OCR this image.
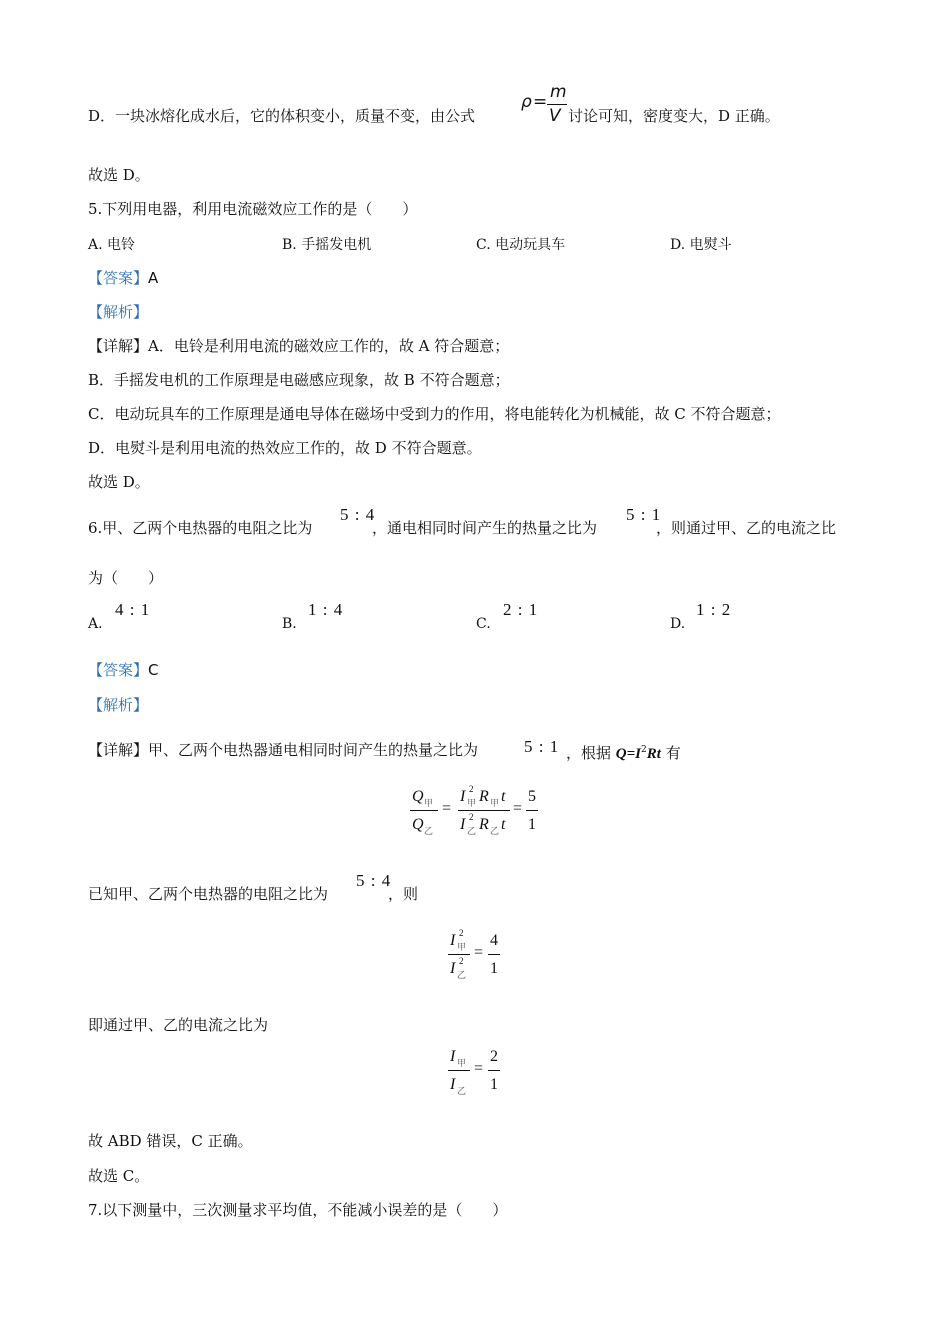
D．一块冰熔化成水后，它的体积变小，质量不变，由公式
ρ = m
V 讨论可知，密度变大，D 正确。
故选 D。
5.下列用电器，利用电流磁效应工作的是（　　）
A. 电铃	B. 手摇发电机	C. 电动玩具车	D. 电熨斗
【答案】A
【解析】
【详解】A．电铃是利用电流的磁效应工作的，故 A 符合题意；
B．手摇发电机的工作原理是电磁感应现象，故 B 不符合题意；
C．电动玩具车的工作原理是通电导体在磁场中受到力的作用，将电能转化为机械能，故 C 不符合题意；
D．电熨斗是利用电流的热效应工作的，故 D 不符合题意。
故选 D。
6.甲、乙两个电热器的电阻之比为
5 : 4
，通电相同时间产生的热量之比为
5 : 1
，则通过甲、乙的电流之比
为（　　）
A.
4 : 1
B.
1 : 4
C.
2 : 1
D.
1 : 2
【答案】C
【解析】
【详解】甲、乙两个电热器通电相同时间产生的热量之比为	5 : 1 ，根据 $Q=I^2Rt$ 有
Q 甲
Q 乙
=
I 2
甲 R 甲 t
I 2
乙 R 乙 t
=
5
1
已知甲、乙两个电热器的电阻之比为
5 : 4
，则
I 2
甲
I 2
乙
=
4
1
即通过甲、乙的电流之比为
I 甲
I 乙
=
2
1
故 ABD 错误，C 正确。
故选 C。
7.以下测量中，三次测量求平均值，不能减小误差的是（　　）
